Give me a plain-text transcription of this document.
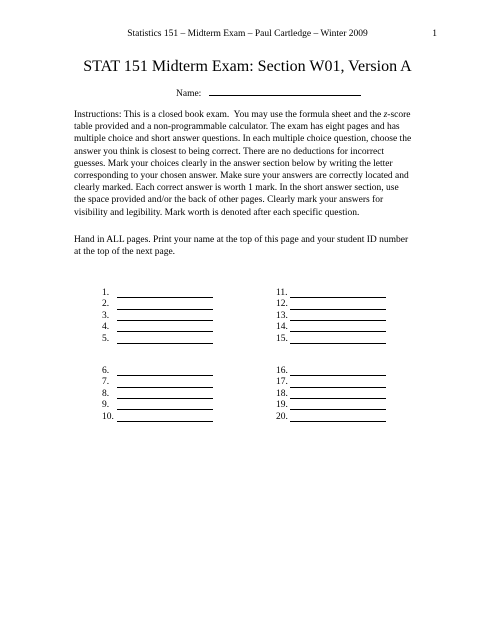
Statistics 151 – Midterm Exam – Paul Cartledge – Winter 2009	1
STAT 151 Midterm Exam: Section W01, Version A
Name:
Instructions: This is a closed book exam.  You may use the formula sheet and the z-score
table provided and a non-programmable calculator. The exam has eight pages and has
multiple choice and short answer questions. In each multiple choice question, choose the
answer you think is closest to being correct. There are no deductions for incorrect
guesses. Mark your choices clearly in the answer section below by writing the letter
corresponding to your chosen answer. Make sure your answers are correctly located and
clearly marked. Each correct answer is worth 1 mark. In the short answer section, use
the space provided and/or the back of other pages. Clearly mark your answers for
visibility and legibility. Mark worth is denoted after each specific question.
Hand in ALL pages. Print your name at the top of this page and your student ID number
at the top of the next page.
1.
2.
3.
4.
5.
11.
12.
13.
14.
15.
6.
7.
8.
9.
10.
16.
17.
18.
19.
20.
